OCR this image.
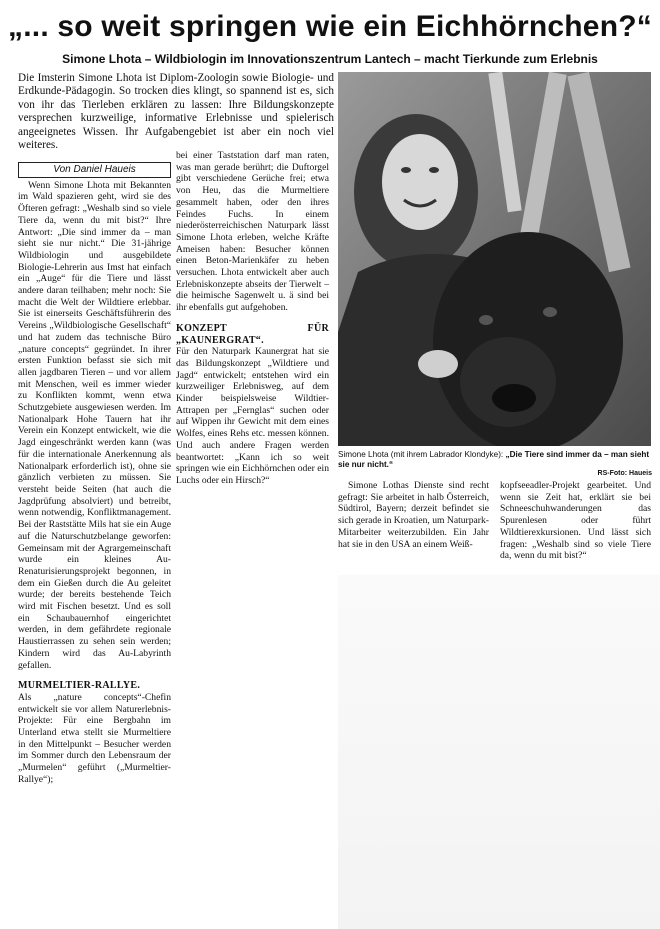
„... so weit springen wie ein Eichhörnchen?“
Simone Lhota – Wildbiologin im Innovationszentrum Lantech – macht Tierkunde zum Erlebnis

Die Imsterin Simone Lhota ist Diplom-Zoologin sowie Biologie- und Erdkunde-Pädagogin. So trocken dies klingt, so spannend ist es, sich von ihr das Tierleben erklären zu lassen: Ihre Bildungskonzepte versprechen kurzweilige, informative Erlebnisse und spielerisch angeeignetes Wissen. Ihr Aufgabengebiet ist aber ein noch viel weiteres.

Von Daniel Haueis

Wenn Simone Lhota mit Bekannten im Wald spazieren geht, wird sie des Öfteren gefragt: „Weshalb sind so viele Tiere da, wenn du mit bist?“ Ihre Antwort: „Die sind immer da – man sieht sie nur nicht.“ Die 31-jährige Wildbiologin und ausgebildete Biologie-Lehrerin aus Imst hat einfach ein „Auge“ für die Tiere und lässt andere daran teilhaben; mehr noch: Sie macht die Welt der Wildtiere erlebbar. Sie ist einerseits Geschäftsführerin des Vereins „Wildbiologische Gesellschaft“ und hat zudem das technische Büro „nature concepts“ gegründet. In ihrer ersten Funktion befasst sie sich mit allen jagdbaren Tieren – und vor allem mit Menschen, weil es immer wieder zu Konflikten kommt, wenn etwa Schutzgebiete ausgewiesen werden. Im Nationalpark Hohe Tauern hat ihr Verein ein Konzept entwickelt, wie die Jagd eingeschränkt werden kann (was für die internationale Anerkennung als Nationalpark erforderlich ist), ohne sie gänzlich verbieten zu müssen. Sie versteht beide Seiten (hat auch die Jagdprüfung absolviert) und betreibt, wenn notwendig, Konfliktmanagement. Bei der Raststätte Mils hat sie ein Auge auf die Naturschutzbelange geworfen: Gemeinsam mit der Agrargemeinschaft wurde ein kleines Au-Renaturisierungsprojekt begonnen, in dem ein Gießen durch die Au geleitet wurde; der bereits bestehende Teich wird mit Fischen besetzt. Und es soll ein Schaubauernhof eingerichtet werden, in dem gefährdete regionale Haustierrassen zu sehen sein werden; Kindern wird das Au-Labyrinth gefallen.

MURMELTIER-RALLYE.

Als „nature concepts“-Chefin entwickelt sie vor allem Naturerlebnis-Projekte: Für eine Bergbahn im Unterland etwa stellt sie Murmeltiere in den Mittelpunkt – Besucher werden im Sommer durch den Lebensraum der „Murmelen“ geführt („Murmeltier-Rallye“);

bei einer Taststation darf man raten, was man gerade berührt; die Duftorgel gibt verschiedene Gerüche frei; etwa von Heu, das die Murmeltiere gesammelt haben, oder den ihres Feindes Fuchs. In einem niederösterreichischen Naturpark lässt Simone Lhota erleben, welche Kräfte Ameisen haben: Besucher können einen Beton-Marienkäfer zu heben versuchen. Lhota entwickelt aber auch Erlebniskonzepte abseits der Tierwelt – die heimische Sagenwelt u. ä sind bei ihr ebenfalls gut aufgehoben.

KONZEPT FÜR „KAUNERGRAT“.

Für den Naturpark Kaunergrat hat sie das Bildungskonzept „Wildtiere und Jagd“ entwickelt; entstehen wird ein kurzweiliger Erlebnisweg, auf dem Kinder beispielsweise Wildtier-Attrapen per „Fernglas“ suchen oder auf Wippen ihr Gewicht mit dem eines Wolfes, eines Rehs etc. messen können. Und auch andere Fragen werden beantwortet: „Kann ich so weit springen wie ein Eichhörnchen oder ein Luchs oder ein Hirsch?“

Simone Lhota (mit ihrem Labrador Klondyke): „Die Tiere sind immer da – man sieht sie nur nicht.“
RS-Foto: Haueis

Simone Lothas Dienste sind recht gefragt: Sie arbeitet in halb Österreich, Südtirol, Bayern; derzeit befindet sie sich gerade in Kroatien, um Naturpark-Mitarbeiter weiterzubilden. Ein Jahr hat sie in den USA an einem Weiß-

kopfseeadler-Projekt gearbeitet. Und wenn sie Zeit hat, erklärt sie bei Schneeschuhwanderungen das Spurenlesen oder führt Wildtierexkursionen. Und lässt sich fragen: „Weshalb sind so viele Tiere da, wenn du mit bist?“
